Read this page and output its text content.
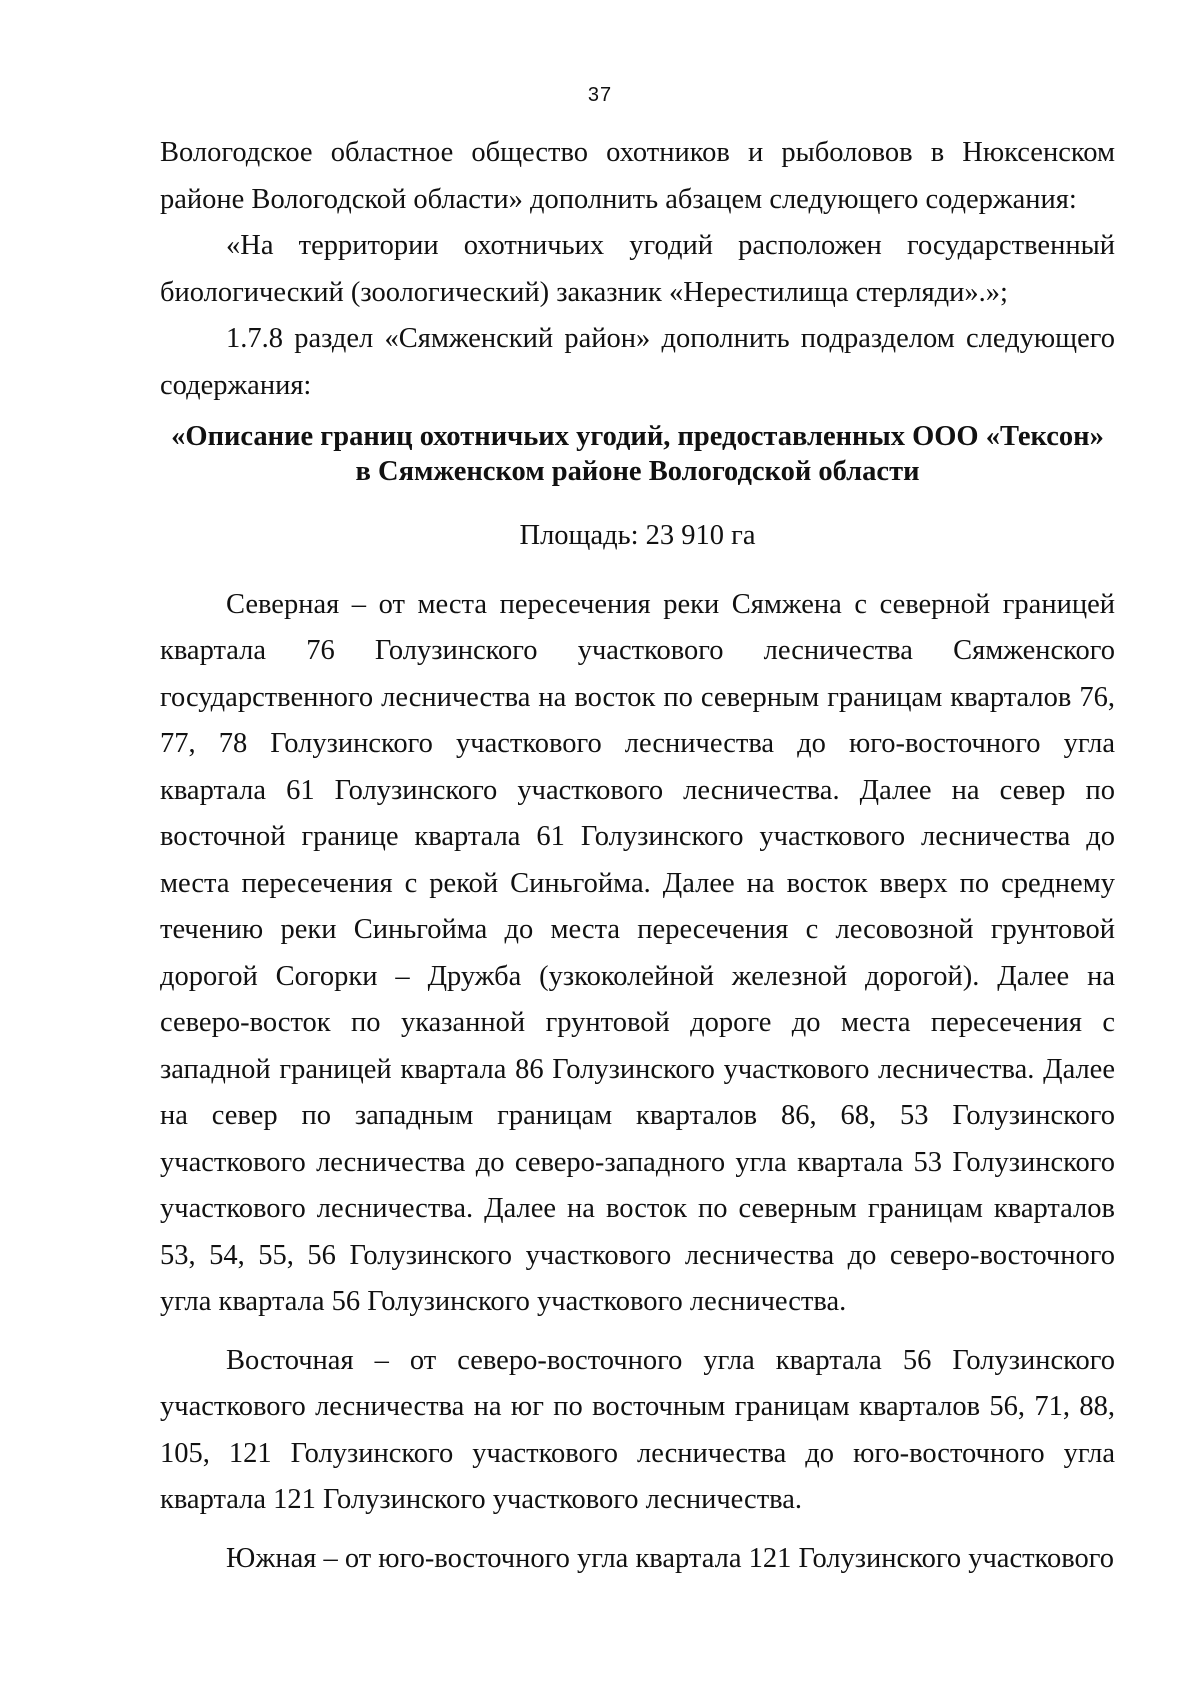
37

Вологодское областное общество охотников и рыболовов в Нюксенском районе Вологодской области» дополнить абзацем следующего содержания:

«На территории охотничьих угодий расположен государственный биологический (зоологический) заказник «Нерестилища стерляди».»;

1.7.8 раздел «Сямженский район» дополнить подразделом следующего содержания:

«Описание границ охотничьих угодий, предоставленных ООО «Тексон»
в Сямженском районе Вологодской области
Площадь: 23 910 га

Северная – от места пересечения реки Сямжена с северной границей квартала 76 Голузинского участкового лесничества Сямженского государственного лесничества на восток по северным границам кварталов 76, 77, 78 Голузинского участкового лесничества до юго-восточного угла квартала 61 Голузинского участкового лесничества. Далее на север по восточной границе квартала 61 Голузинского участкового лесничества до места пересечения с рекой Синьгойма. Далее на восток вверх по среднему течению реки Синьгойма до места пересечения с лесовозной грунтовой дорогой Согорки – Дружба (узкоколейной железной дорогой). Далее на северо-восток по указанной грунтовой дороге до места пересечения с западной границей квартала 86 Голузинского участкового лесничества. Далее на север по западным границам кварталов 86, 68, 53 Голузинского участкового лесничества до северо-западного угла квартала 53 Голузинского участкового лесничества. Далее на восток по северным границам кварталов 53, 54, 55, 56 Голузинского участкового лесничества до северо-восточного угла квартала 56 Голузинского участкового лесничества.

Восточная – от северо-восточного угла квартала 56 Голузинского участкового лесничества на юг по восточным границам кварталов 56, 71, 88, 105, 121 Голузинского участкового лесничества до юго-восточного угла квартала 121 Голузинского участкового лесничества.

Южная – от юго-восточного угла квартала 121 Голузинского участкового
